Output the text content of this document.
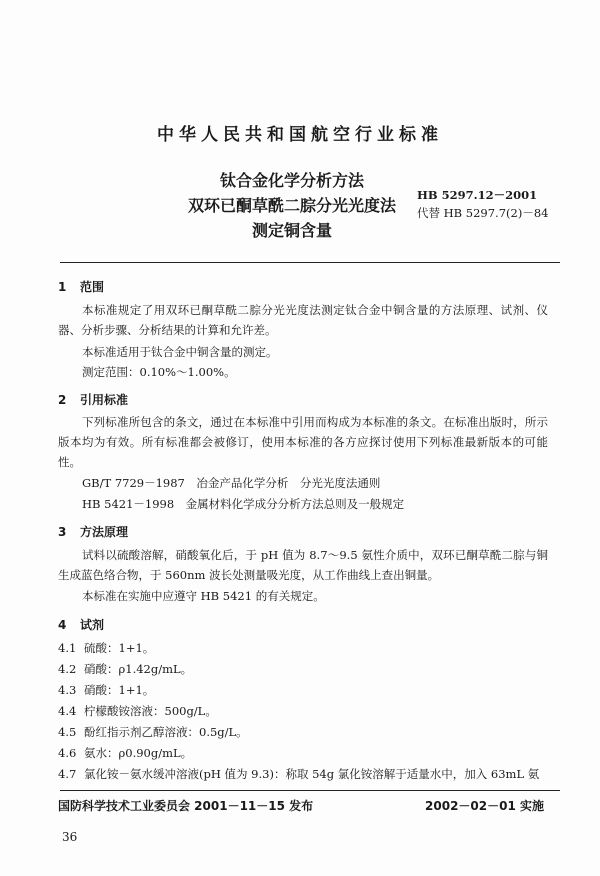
中华人民共和国航空行业标准
钛合金化学分析方法
双环已酮草酰二腙分光光度法
测定铜含量
HB 5297.12－2001
代替 HB 5297.7(2)－84
1 范围
本标准规定了用双环已酮草酰二腙分光光度法测定钛合金中铜含量的方法原理、试剂、仪器、分析步骤、分析结果的计算和允许差。
本标准适用于钛合金中铜含量的测定。
测定范围：0.10%～1.00%。
2 引用标准
下列标准所包含的条文，通过在本标准中引用而构成为本标准的条文。在标准出版时，所示版本均为有效。所有标准都会被修订，使用本标准的各方应探讨使用下列标准最新版本的可能性。
GB/T 7729－1987　冶金产品化学分析　分光光度法通则
HB 5421－1998　金属材料化学成分分析方法总则及一般规定
3 方法原理
试料以硫酸溶解，硝酸氧化后，于 pH 值为 8.7～9.5 氨性介质中，双环已酮草酰二腙与铜生成蓝色络合物，于 560nm 波长处测量吸光度，从工作曲线上查出铜量。
本标准在实施中应遵守 HB 5421 的有关规定。
4 试剂
4.1 硫酸：1+1。
4.2 硝酸：ρ1.42g/mL。
4.3 硝酸：1+1。
4.4 柠檬酸铵溶液：500g/L。
4.5 酚红指示剂乙醇溶液：0.5g/L。
4.6 氨水：ρ0.90g/mL。
4.7 氯化铵－氨水缓冲溶液(pH 值为 9.3)：称取 54g 氯化铵溶解于适量水中，加入 63mL 氨
国防科学技术工业委员会 2001－11－15 发布	2002－02－01 实施
36
